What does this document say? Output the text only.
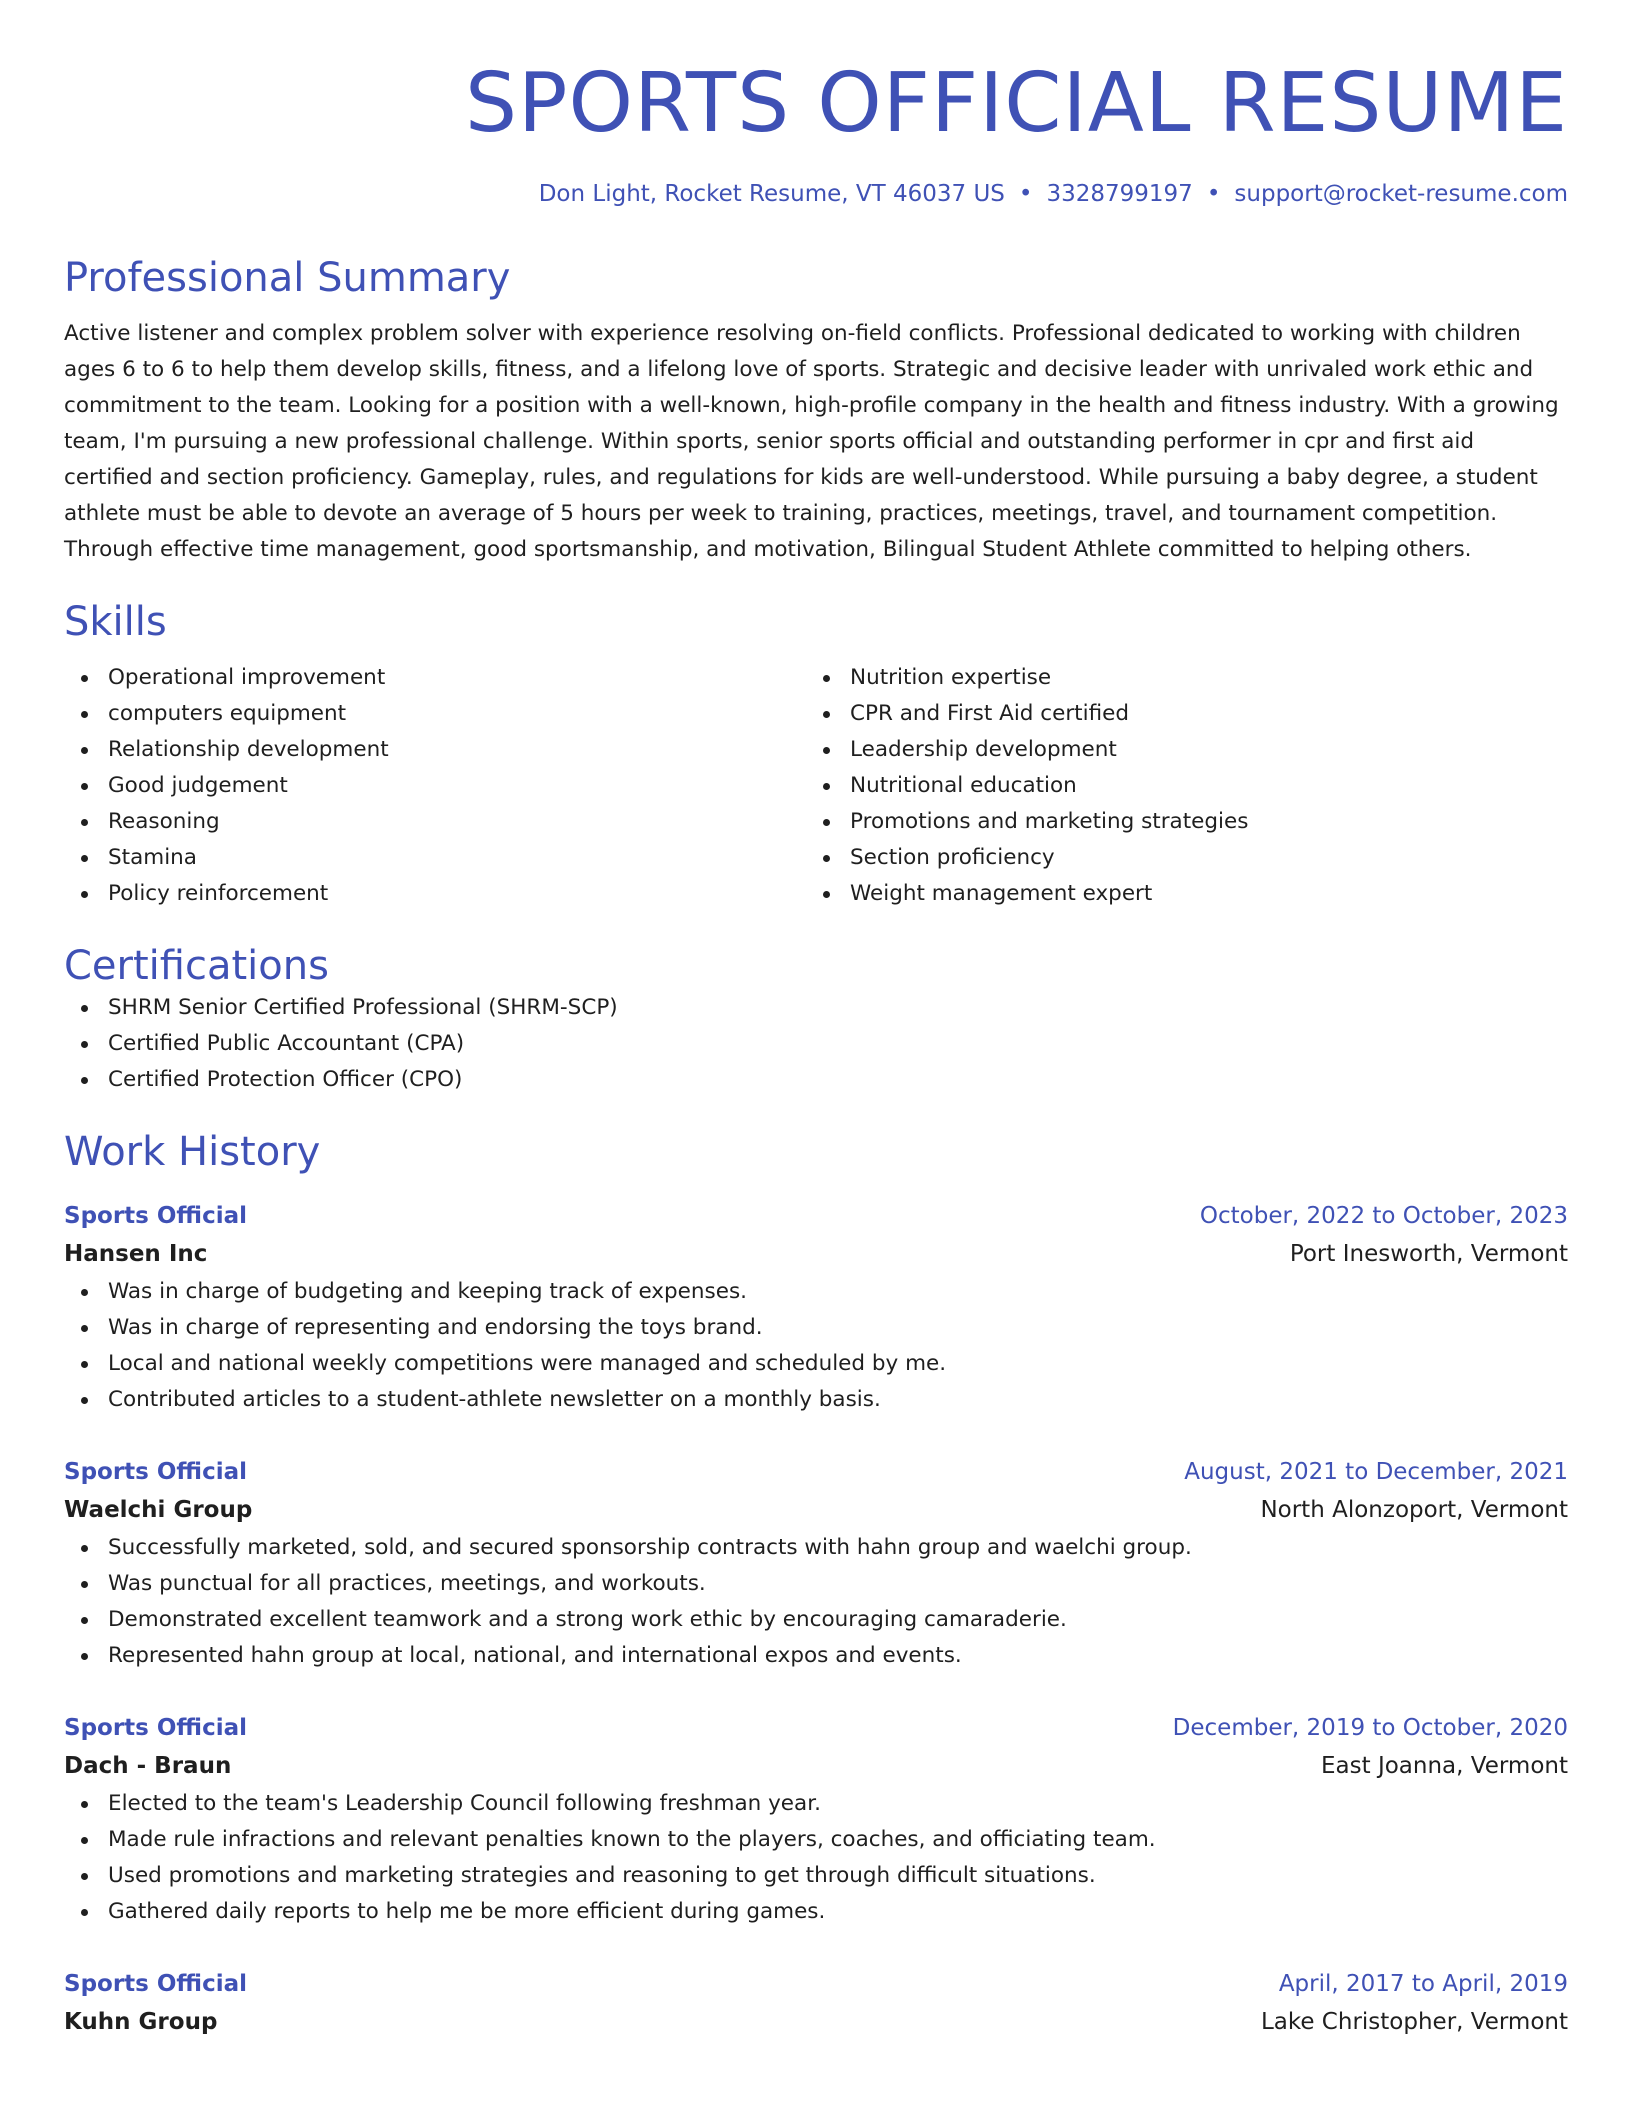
SPORTS OFFICIAL RESUME
Don Light, Rocket Resume, VT 46037 US • 3328799197 • support@rocket-resume.com
Professional Summary

Active listener and complex problem solver with experience resolving on-field conflicts. Professional dedicated to working with children ages 6 to 6 to help them develop skills, fitness, and a lifelong love of sports. Strategic and decisive leader with unrivaled work ethic and commitment to the team. Looking for a position with a well-known, high-profile company in the health and fitness industry. With a growing team, I'm pursuing a new professional challenge. Within sports, senior sports official and outstanding performer in cpr and first aid certified and section proficiency. Gameplay, rules, and regulations for kids are well-understood. While pursuing a baby degree, a student athlete must be able to devote an average of 5 hours per week to training, practices, meetings, travel, and tournament competition. Through effective time management, good sportsmanship, and motivation, Bilingual Student Athlete committed to helping others.

Skills
Operational improvement
computers equipment
Relationship development
Good judgement
Reasoning
Stamina
Policy reinforcement
Nutrition expertise
CPR and First Aid certified
Leadership development
Nutritional education
Promotions and marketing strategies
Section proficiency
Weight management expert
Certifications
SHRM Senior Certified Professional (SHRM-SCP)
Certified Public Accountant (CPA)
Certified Protection Officer (CPO)
Work History
Sports Official	October, 2022 to October, 2023
Hansen Inc	Port Inesworth, Vermont
Was in charge of budgeting and keeping track of expenses.
Was in charge of representing and endorsing the toys brand.
Local and national weekly competitions were managed and scheduled by me.
Contributed articles to a student-athlete newsletter on a monthly basis.
Sports Official	August, 2021 to December, 2021
Waelchi Group	North Alonzoport, Vermont
Successfully marketed, sold, and secured sponsorship contracts with hahn group and waelchi group.
Was punctual for all practices, meetings, and workouts.
Demonstrated excellent teamwork and a strong work ethic by encouraging camaraderie.
Represented hahn group at local, national, and international expos and events.
Sports Official	December, 2019 to October, 2020
Dach - Braun	East Joanna, Vermont
Elected to the team's Leadership Council following freshman year.
Made rule infractions and relevant penalties known to the players, coaches, and officiating team.
Used promotions and marketing strategies and reasoning to get through difficult situations.
Gathered daily reports to help me be more efficient during games.
Sports Official	April, 2017 to April, 2019
Kuhn Group	Lake Christopher, Vermont
